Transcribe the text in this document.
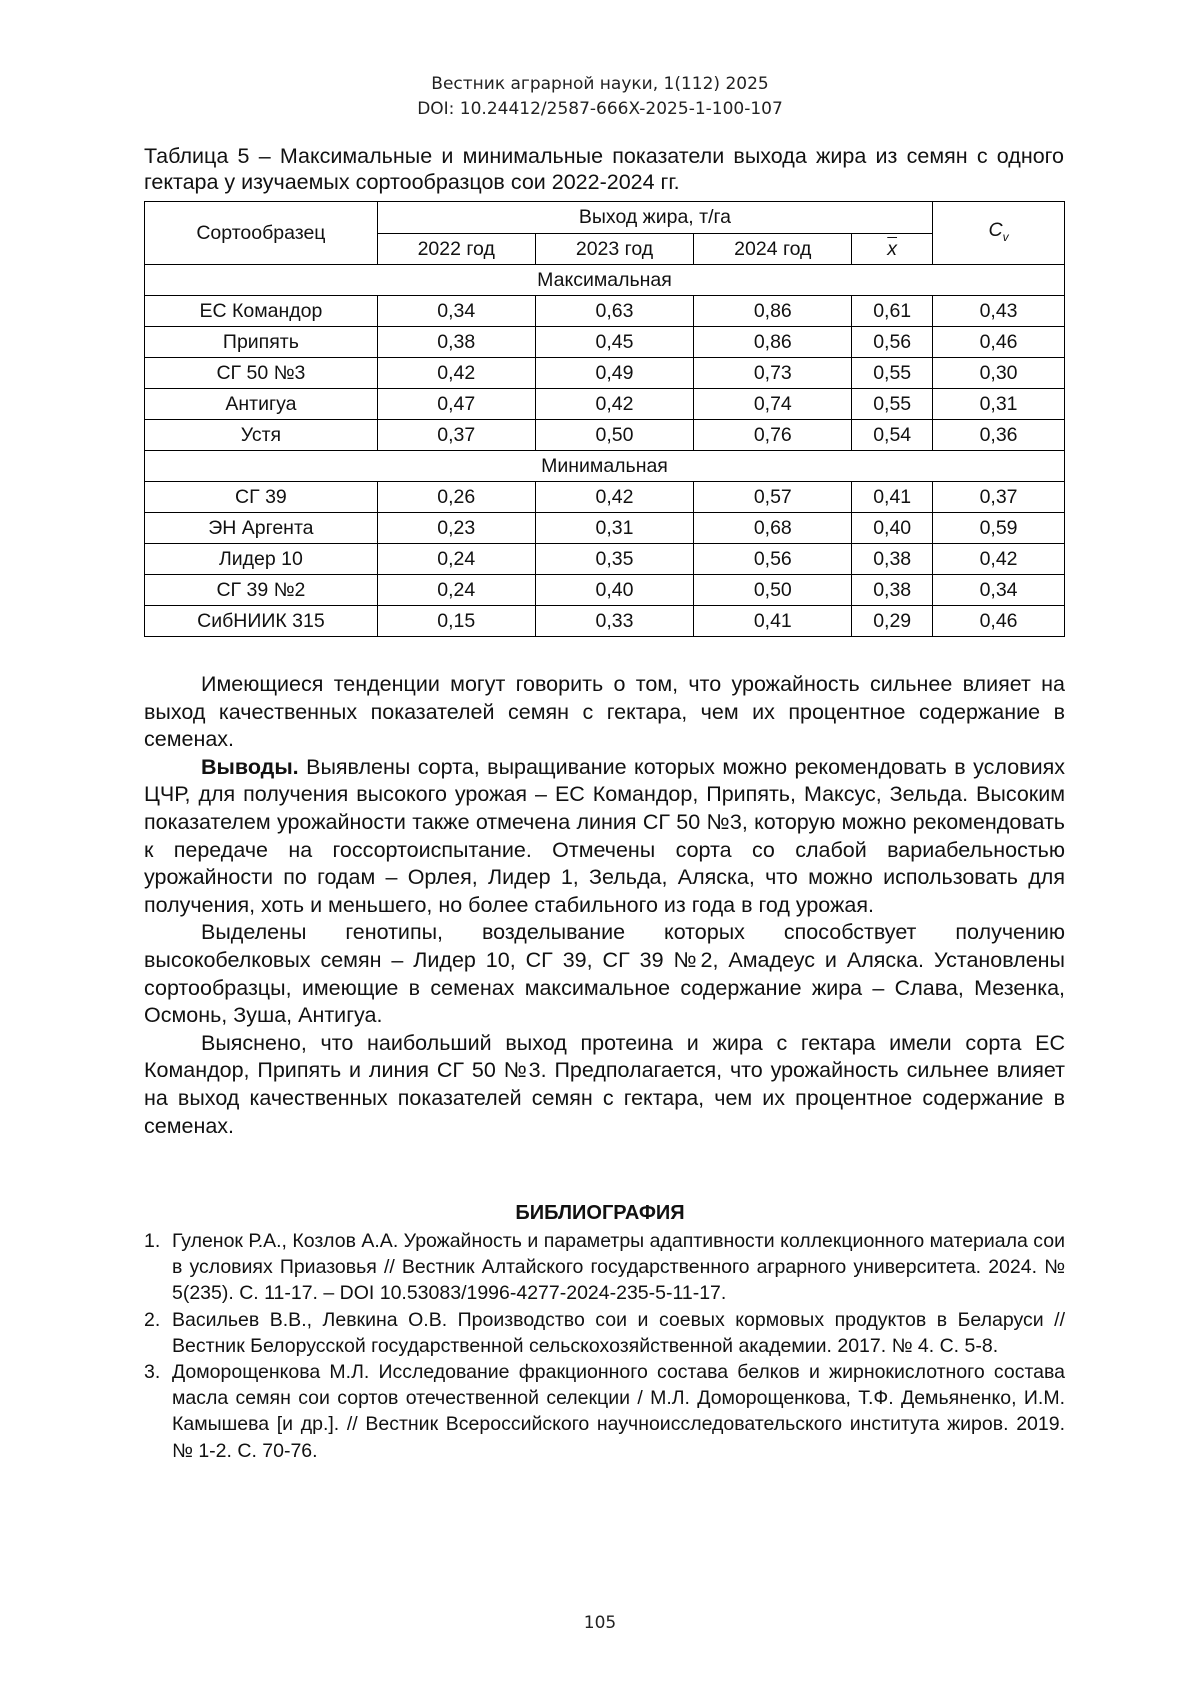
Вестник аграрной науки, 1(112) 2025
DOI: 10.24412/2587-666X-2025-1-100-107
Таблица 5 – Максимальные и минимальные показатели выхода жира из семян с одного гектара у изучаемых сортообразцов сои 2022-2024 гг.
Сортообразец	Выход жира, т/га				$C_v$
	2022 год	2023 год	2024 год	$\overline{x}$
Максимальная					
ЕС Командор	0,34	0,63	0,86	0,61	0,43
Припять	0,38	0,45	0,86	0,56	0,46
СГ 50 №3	0,42	0,49	0,73	0,55	0,30
Антигуа	0,47	0,42	0,74	0,55	0,31
Устя	0,37	0,50	0,76	0,54	0,36
Минимальная					
СГ 39	0,26	0,42	0,57	0,41	0,37
ЭН Аргента	0,23	0,31	0,68	0,40	0,59
Лидер 10	0,24	0,35	0,56	0,38	0,42
СГ 39 №2	0,24	0,40	0,50	0,38	0,34
СибНИИК 315	0,15	0,33	0,41	0,29	0,46

Имеющиеся тенденции могут говорить о том, что урожайность сильнее влияет на выход качественных показателей семян с гектара, чем их процентное содержание в семенах.

Выводы. Выявлены сорта, выращивание которых можно рекомендовать в условиях ЦЧР, для получения высокого урожая – ЕС Командор, Припять, Максус, Зельда. Высоким показателем урожайности также отмечена линия СГ 50 №3, которую можно рекомендовать к передаче на госсортоиспытание. Отмечены сорта со слабой вариабельностью урожайности по годам – Орлея, Лидер 1, Зельда, Аляска, что можно использовать для получения, хоть и меньшего, но более стабильного из года в год урожая.

Выделены генотипы, возделывание которых способствует получению высокобелковых семян – Лидер 10, СГ 39, СГ 39 №2, Амадеус и Аляска. Установлены сортообразцы, имеющие в семенах максимальное содержание жира – Слава, Мезенка, Осмонь, Зуша, Антигуа.

Выяснено, что наибольший выход протеина и жира с гектара имели сорта ЕС Командор, Припять и линия СГ 50 №3. Предполагается, что урожайность сильнее влияет на выход качественных показателей семян с гектара, чем их процентное содержание в семенах.

БИБЛИОГРАФИЯ
1. Гуленок Р.А., Козлов А.А. Урожайность и параметры адаптивности коллекционного материала сои в условиях Приазовья // Вестник Алтайского государственного аграрного университета. 2024. № 5(235). С. 11-17. – DOI 10.53083/1996-4277-2024-235-5-11-17.
2. Васильев В.В., Левкина О.В. Производство сои и соевых кормовых продуктов в Беларуси // Вестник Белорусской государственной сельскохозяйственной академии. 2017. № 4. С. 5-8.
3. Доморощенкова М.Л. Исследование фракционного состава белков и жирнокислотного состава масла семян сои сортов отечественной селекции / М.Л. Доморощенкова, Т.Ф. Демьяненко, И.М. Камышева [и др.]. // Вестник Всероссийского научноисследовательского института жиров. 2019. № 1-2. С. 70-76.
105
